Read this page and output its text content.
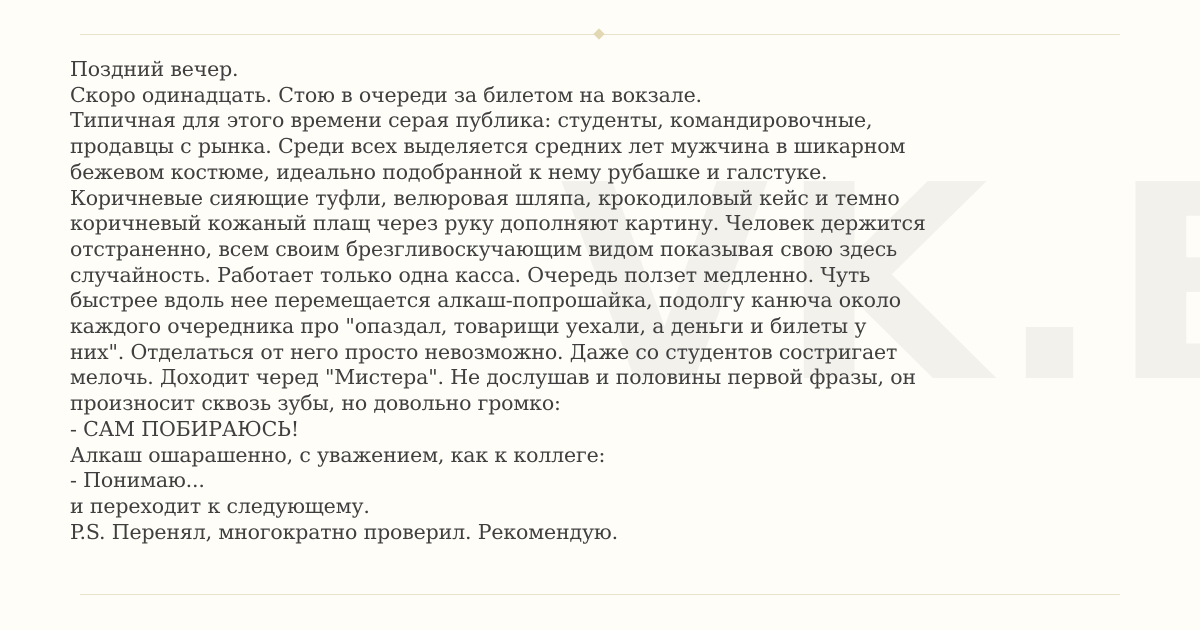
Поздний вечер.
Скоро одинадцать. Стою в очереди за билетом на вокзале.
Типичная для этого времени серая публика: студенты, командировочные,
продавцы с рынка. Среди всех выделяется средних лет мужчина в шикарном
бежевом костюме, идеально подобранной к нему рубашке и галстуке.
Коричневые сияющие туфли, велюровая шляпа, крокодиловый кейс и темно
коричневый кожаный плащ через руку дополняют картину. Человек держится
отстраненно, всем своим брезгливоскучающим видом показывая свою здесь
случайность. Работает только одна касса. Очередь ползет медленно. Чуть
быстрее вдоль нее перемещается алкаш-попрошайка, подолгу канюча около
каждого очередника про "опаздал, товарищи уехали, а деньги и билеты у
них". Отделаться от него просто невозможно. Даже со студентов состригает
мелочь. Доходит черед "Мистера". Не дослушав и половины первой фразы, он
произносит сквозь зубы, но довольно громко:
- САМ ПОБИРАЮСЬ!
Алкаш ошарашенно, с уважением, как к коллеге:
- Понимаю...
и переходит к следующему.
P.S. Перенял, многократно проверил. Рекомендую.
